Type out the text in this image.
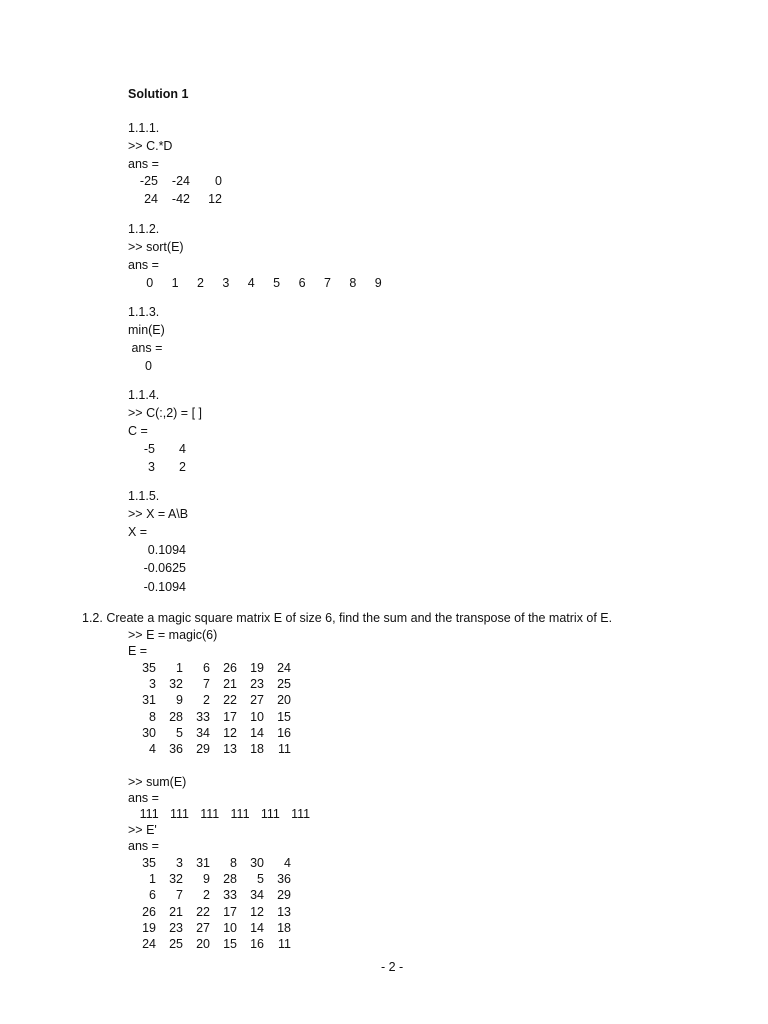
Solution 1
1.1.1.
>> C.*D
ans =
-25	-24	0
24	-42	12
1.1.2.
>> sort(E)
ans =
0	1	2	3	4	5	6	7	8	9
1.1.3.
min(E)
ans =
0
1.1.4.
>> C(:,2) = [ ]
C =
-5	4
3	2
1.1.5.
>> X = A\B
X =
0.1094
-0.0625
-0.1094
1.2. Create a magic square matrix E of size 6, find the sum and the transpose of the matrix of E.
>> E = magic(6)
E =
35	1	6	26	19	24
3	32	7	21	23	25
31	9	2	22	27	20
8	28	33	17	10	15
30	5	34	12	14	16
4	36	29	13	18	11
>> sum(E)
ans =
111 111 111 111 111 111
>> E'
ans =
35	3	31	8	30	4
1	32	9	28	5	36
6	7	2	33	34	29
26	21	22	17	12	13
19	23	27	10	14	18
24	25	20	15	16	11
- 2 -
